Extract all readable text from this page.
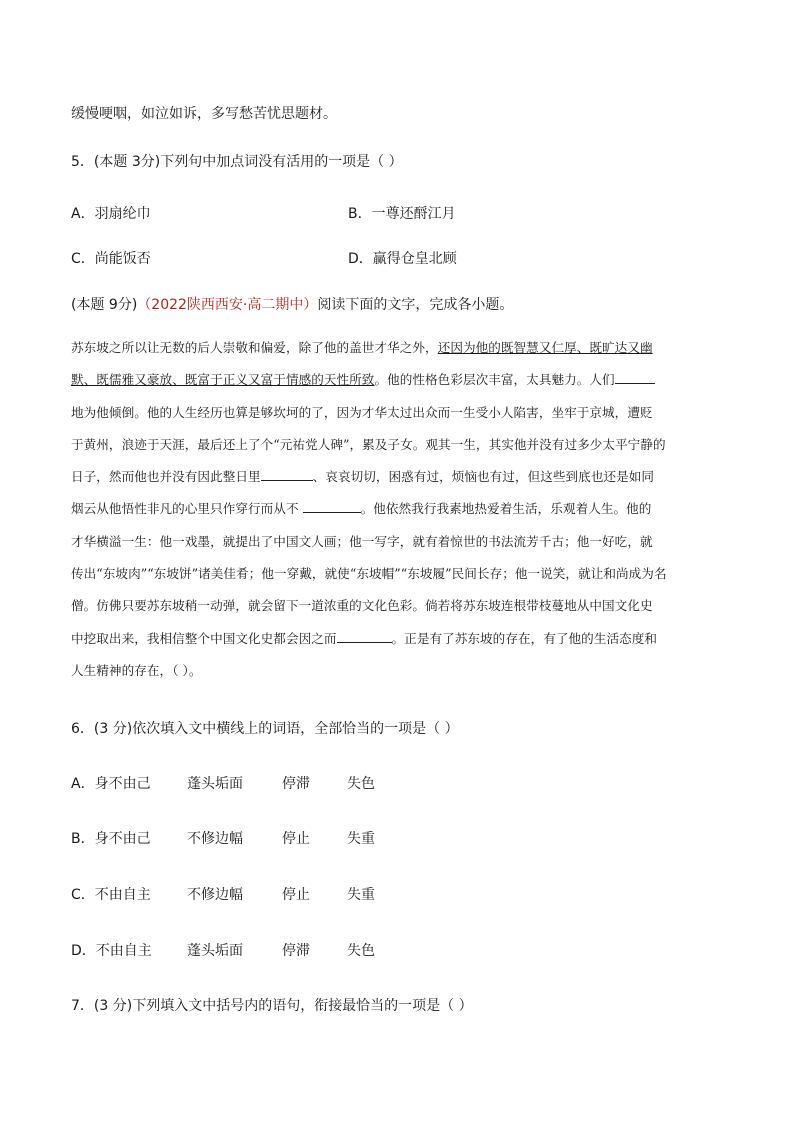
缓慢哽咽，如泣如诉，多写愁苦忧思题材。
5．(本题 3分)下列句中加点词没有活用的一项是（ ）
A．羽扇纶巾	B．一尊还酹江月
C．尚能饭否	D．赢得仓皇北顾
(本题 9分)（2022陕西西安·高二期中）阅读下面的文字，完成各小题。
苏东坡之所以让无数的后人崇敬和偏爱，除了他的盖世才华之外，还因为他的既智慧又仁厚、既旷达又幽
默、既儒雅又豪放、既富于正义又富于情感的天性所致。他的性格色彩层次丰富，太具魅力。人们
地为他倾倒。他的人生经历也算是够坎坷的了，因为才华太过出众而一生受小人陷害，坐牢于京城，遭贬
于黄州，浪迹于天涯，最后还上了个“元祐党人碑”，累及子女。观其一生，其实他并没有过多少太平宁静的
日子，然而他也并没有因此整日里	、哀哀切切，困惑有过，烦恼也有过，但这些到底也还是如同
烟云从他悟性非凡的心里只作穿行而从不	。他依然我行我素地热爱着生活，乐观着人生。他的
才华横溢一生：他一戏墨，就提出了中国文人画；他一写字，就有着惊世的书法流芳千古；他一好吃，就
传出“东坡肉”“东坡饼”诸美佳肴；他一穿戴，就使“东坡帽”“东坡履”民间长存；他一说笑，就让和尚成为名
僧。仿佛只要苏东坡稍一动弹，就会留下一道浓重的文化色彩。倘若将苏东坡连根带枝蔓地从中国文化史
中挖取出来，我相信整个中国文化史都会因之而	。正是有了苏东坡的存在，有了他的生活态度和
人生精神的存在，（ ）。
6．(3 分)依次填入文中横线上的词语，全部恰当的一项是（ ）
A．身不由己	蓬头垢面	停滞	失色
B．身不由己	不修边幅	停止	失重
C．不由自主	不修边幅	停止	失重
D．不由自主	蓬头垢面	停滞	失色
7．(3 分)下列填入文中括号内的语句，衔接最恰当的一项是（ ）
